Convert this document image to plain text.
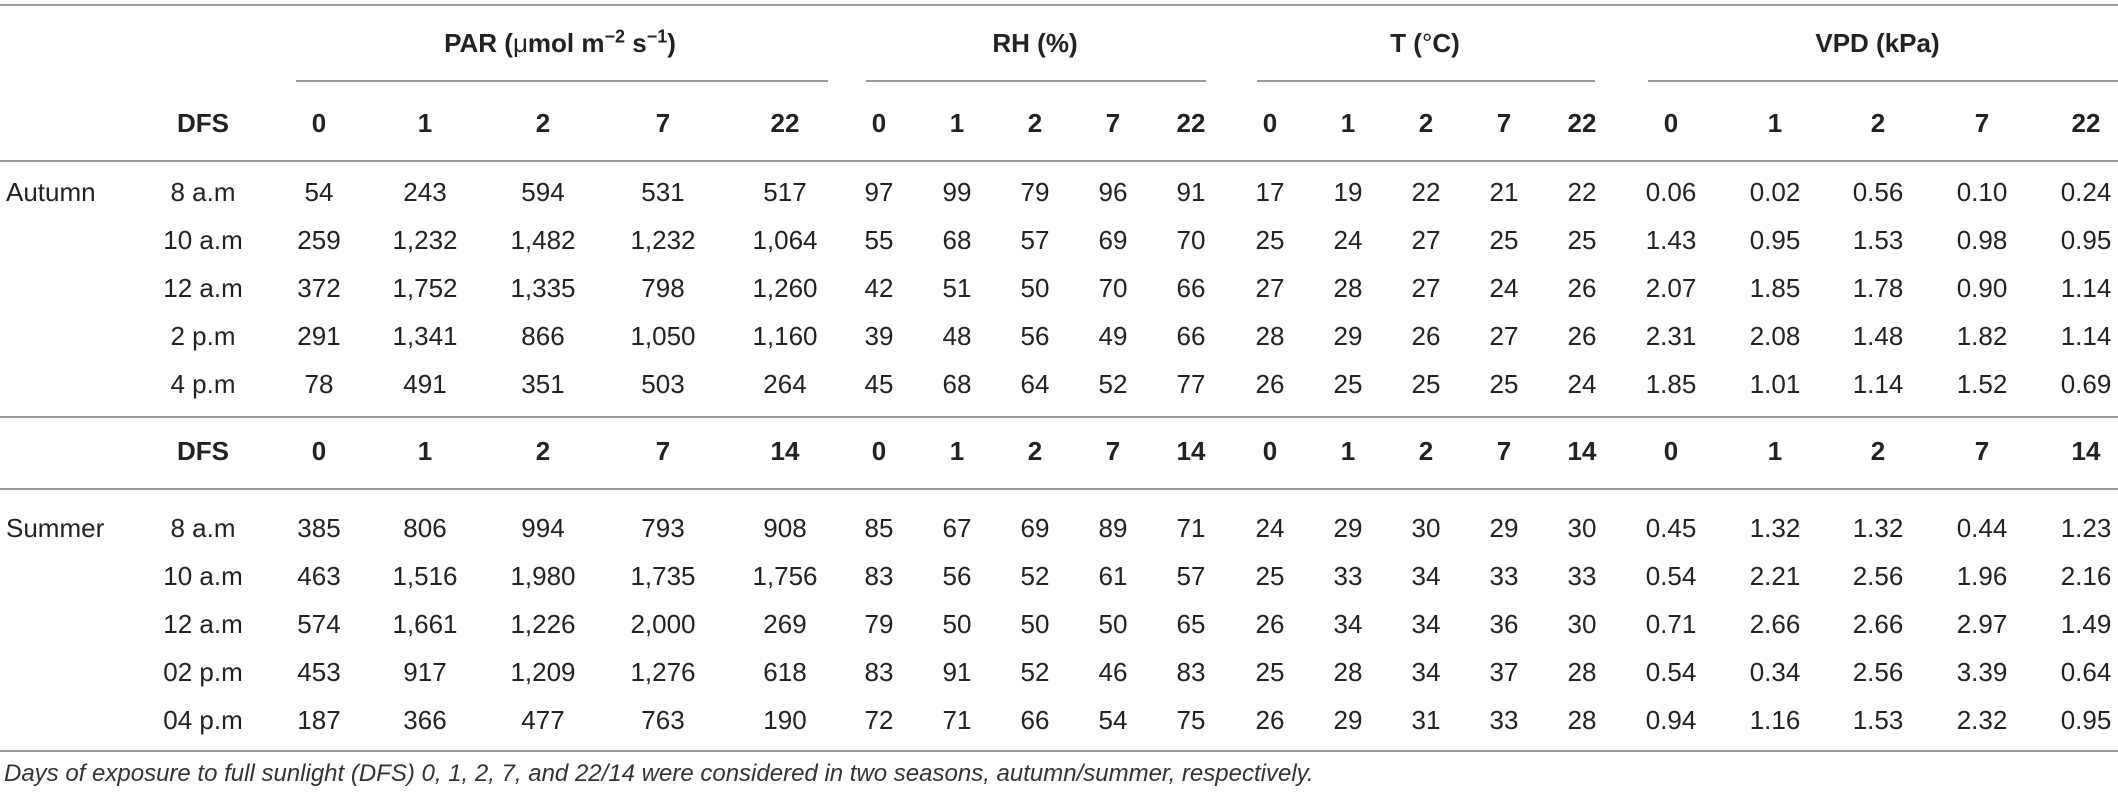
PAR (μmol $m^{-2}$ $s^{-1}$)	RH (%)	T (°C)	VPD (kPa)
DFS	0	1	2	7	22	0	1	2	7	22	0	1	2	7	22	0	1	2	7	22
Autumn	8 a.m	54	243	594	531	517	97	99	79	96	91	17	19	22	21	22	0.06	0.02	0.56	0.10	0.24
10 a.m	259	1,232	1,482	1,232	1,064	55	68	57	69	70	25	24	27	25	25	1.43	0.95	1.53	0.98	0.95
12 a.m	372	1,752	1,335	798	1,260	42	51	50	70	66	27	28	27	24	26	2.07	1.85	1.78	0.90	1.14
2 p.m	291	1,341	866	1,050	1,160	39	48	56	49	66	28	29	26	27	26	2.31	2.08	1.48	1.82	1.14
4 p.m	78	491	351	503	264	45	68	64	52	77	26	25	25	25	24	1.85	1.01	1.14	1.52	0.69
DFS	0	1	2	7	14	0	1	2	7	14	0	1	2	7	14	0	1	2	7	14
Summer	8 a.m	385	806	994	793	908	85	67	69	89	71	24	29	30	29	30	0.45	1.32	1.32	0.44	1.23
10 a.m	463	1,516	1,980	1,735	1,756	83	56	52	61	57	25	33	34	33	33	0.54	2.21	2.56	1.96	2.16
12 a.m	574	1,661	1,226	2,000	269	79	50	50	50	65	26	34	34	36	30	0.71	2.66	2.66	2.97	1.49
02 p.m	453	917	1,209	1,276	618	83	91	52	46	83	25	28	34	37	28	0.54	0.34	2.56	3.39	0.64
04 p.m	187	366	477	763	190	72	71	66	54	75	26	29	31	33	28	0.94	1.16	1.53	2.32	0.95
Days of exposure to full sunlight (DFS) 0, 1, 2, 7, and 22/14 were considered in two seasons, autumn/summer, respectively.
